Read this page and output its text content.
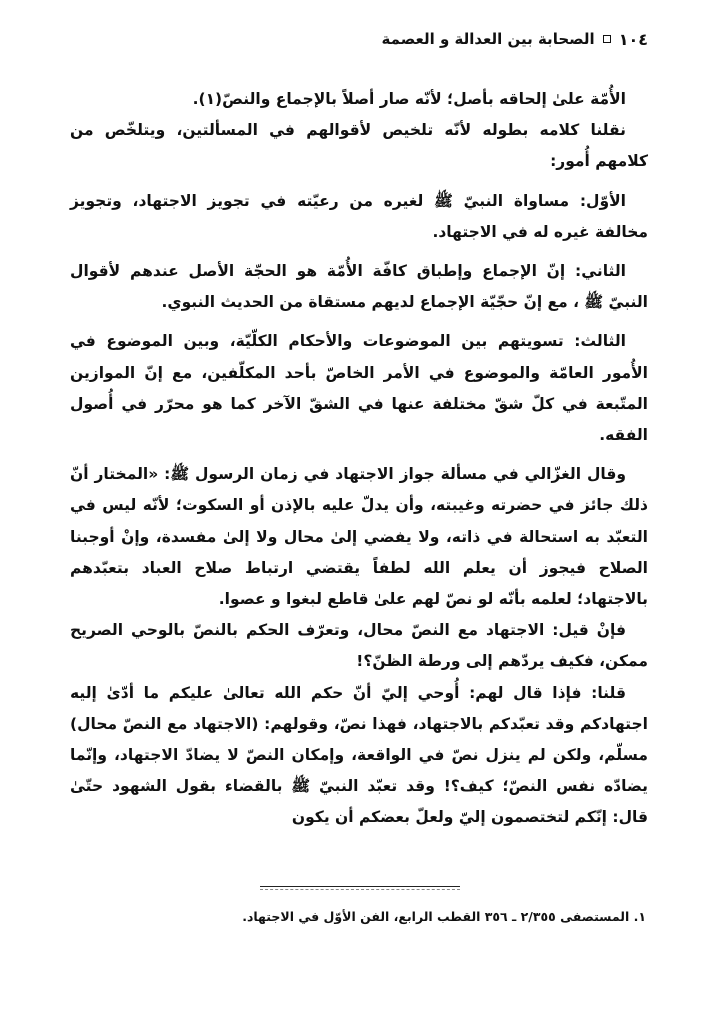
١٠٤
الصحابة بين العدالة و العصمة

الأُمّة علىٰ إلحاقه بأصل؛ لأنّه صار أصلاً بالإجماع والنصّ(١).

نقلنا كلامه بطوله لأنّه تلخيص لأقوالهم في المسألتين، ويتلخّص من كلامهم أُمور:

الأوّل: مساواة النبيّ ﷺ لغيره من رعيّته في تجويز الاجتهاد، وتجويز مخالفة غيره له في الاجتهاد.

الثاني: إنّ الإجماع وإطباق كافّة الأُمّة هو الحجّة الأصل عندهم لأقوال النبيّ ﷺ ، مع إنّ حجّيّة الإجماع لديهم مستقاة من الحديث النبوي.

الثالث: تسويتهم بين الموضوعات والأحكام الكلّيّة، وبين الموضوع في الأُمور العامّة والموضوع في الأمر الخاصّ بأحد المكلّفين، مع إنّ الموازين المتّبعة في كلّ شقّ مختلفة عنها في الشقّ الآخر كما هو محرّر في أُصول الفقه.

وقال الغزّالي في مسألة جواز الاجتهاد في زمان الرسول ﷺ: «المختار أنّ ذلك جائز في حضرته وغيبته، وأن يدلّ عليه بالإذن أو السكوت؛ لأنّه ليس في التعبّد به استحالة في ذاته، ولا يفضي إلىٰ محال ولا إلىٰ مفسدة، وإنْ أوجبنا الصلاح فيجوز أن يعلم الله لطفاً يقتضي ارتباط صلاح العباد بتعبّدهم بالاجتهاد؛ لعلمه بأنّه لو نصّ لهم علىٰ قاطع لبغوا و عصوا.

فإنْ قيل: الاجتهاد مع النصّ محال، وتعرّف الحكم بالنصّ بالوحي الصريح ممكن، فكيف يردّهم إلى ورطة الظنّ؟!

قلنا: فإذا قال لهم: أُوحي إليّ أنّ حكم الله تعالىٰ عليكم ما أدّىٰ إليه اجتهادكم وقد تعبّدكم بالاجتهاد، فهذا نصّ، وقولهم: (الاجتهاد مع النصّ محال) مسلّم، ولكن لم ينزل نصّ في الواقعة، وإمكان النصّ لا يضادّ الاجتهاد، وإنّما يضادّه نفس النصّ؛ كيف؟! وقد تعبّد النبيّ ﷺ بالقضاء بقول الشهود حتّىٰ قال: إنّكم لتختصمون إليّ ولعلّ بعضكم أن يكون

١. المستصفى ٢/٣٥٥ ـ ٣٥٦ القطب الرابع، الفن الأوّل في الاجتهاد.
